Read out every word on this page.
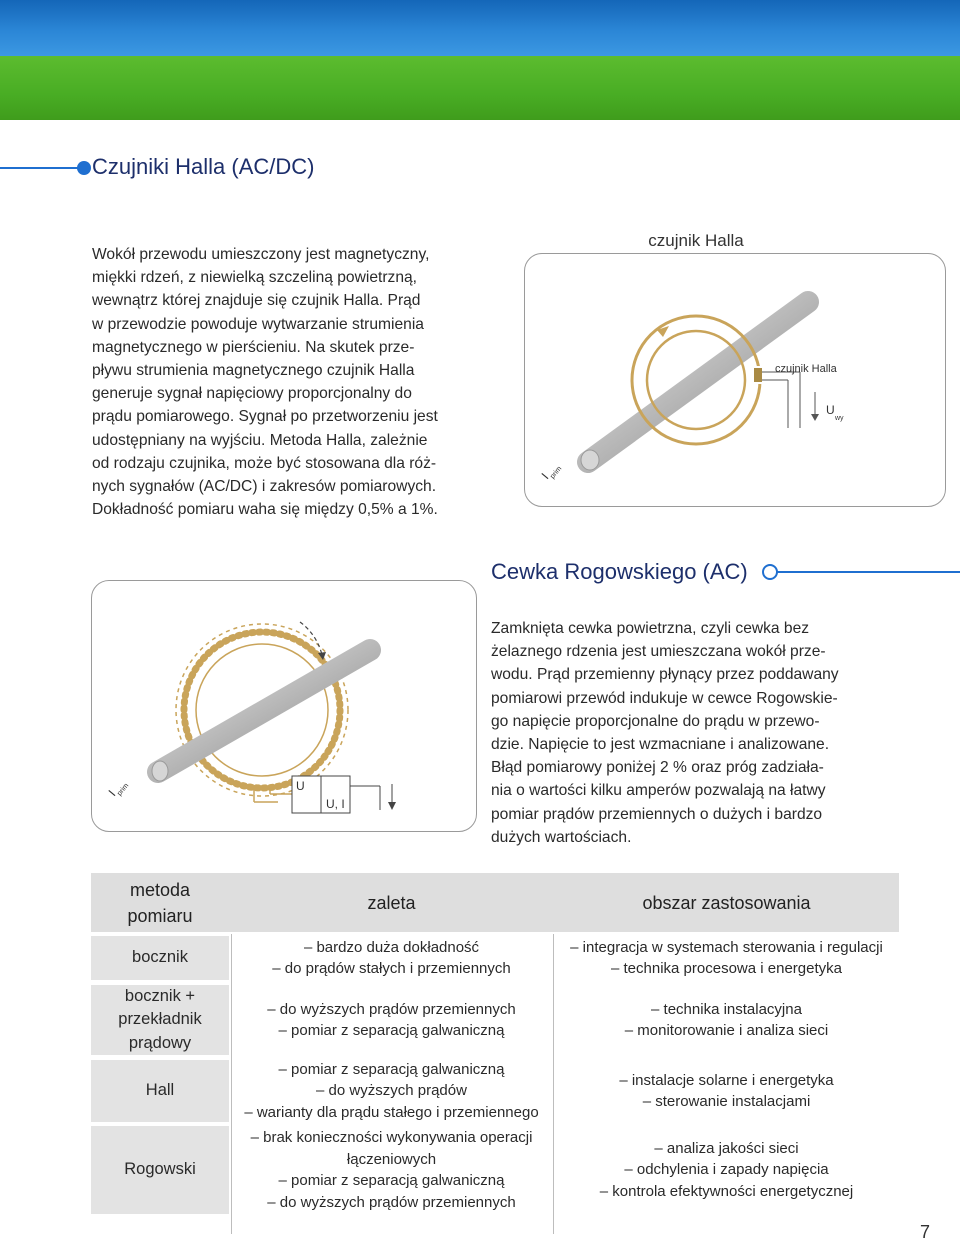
Czujniki Halla (AC/DC)
Wokół przewodu umieszczony jest magnetyczny,
miękki rdzeń, z niewielką szczeliną powietrzną,
wewnątrz której znajduje się czujnik Halla. Prąd
w przewodzie powoduje wytwarzanie strumienia
magnetycznego w pierścieniu. Na skutek prze-
pływu strumienia magnetycznego czujnik Halla
generuje sygnał napięciowy proporcjonalny do
prądu pomiarowego. Sygnał po przetworzeniu jest
udostępniany na wyjściu. Metoda Halla, zależnie
od rodzaju czujnika, może być stosowana dla róż-
nych sygnałów (AC/DC) i zakresów pomiarowych.
Dokładność pomiaru waha się między 0,5% a 1%.
czujnik Halla
czujnik Halla
U
wy
I
prim
Cewka Rogowskiego (AC)
U
U, I
I
prim
Zamknięta cewka powietrzna, czyli cewka bez
żelaznego rdzenia jest umieszczana wokół prze-
wodu. Prąd przemienny płynący przez poddawany
pomiarowi przewód indukuje w cewce Rogowskie-
go napięcie proporcjonalne do prądu w przewo-
dzie. Napięcie to jest wzmacniane i analizowane.
Błąd pomiarowy poniżej 2 % oraz próg zadziała-
nia o wartości kilku amperów pozwalają na łatwy
pomiar prądów przemiennych o dużych i bardzo
dużych wartościach.
metoda
pomiaru
zaleta	obszar zastosowania
bocznik
– bardzo duża dokładność
– do prądów stałych i przemiennych
– integracja w systemach sterowania i regulacji
– technika procesowa i energetyka
bocznik +
przekładnik
prądowy
– do wyższych prądów przemiennych
– pomiar z separacją galwaniczną
– technika instalacyjna
– monitorowanie i analiza sieci
Hall
– pomiar z separacją galwaniczną
– do wyższych prądów
– warianty dla prądu stałego i przemiennego
– instalacje solarne i energetyka
– sterowanie instalacjami
Rogowski
– brak konieczności wykonywania operacji
łączeniowych
– pomiar z separacją galwaniczną
– do wyższych prądów przemiennych
– analiza jakości sieci
– odchylenia i zapady napięcia
– kontrola efektywności energetycznej
7
